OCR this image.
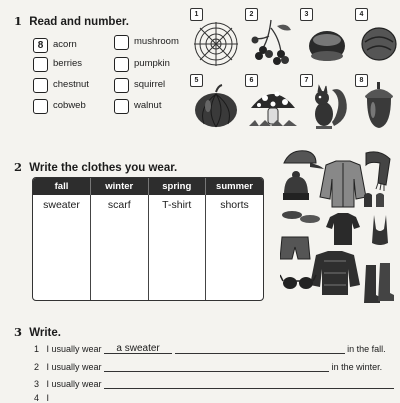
1 Read and number.
8	acorn
berries
chestnut
cobweb
mushroom
pumpkin
squirrel
walnut
1	2	3	4
5	6	7	8
2 Write the clothes you wear.
fall	winter	spring	summer
sweater	scarf	T-shirt	shorts
3 Write.
1 I usually wear a sweater	in the fall.
2 I usually wear	in the winter.
3 I usually wear
4 I
